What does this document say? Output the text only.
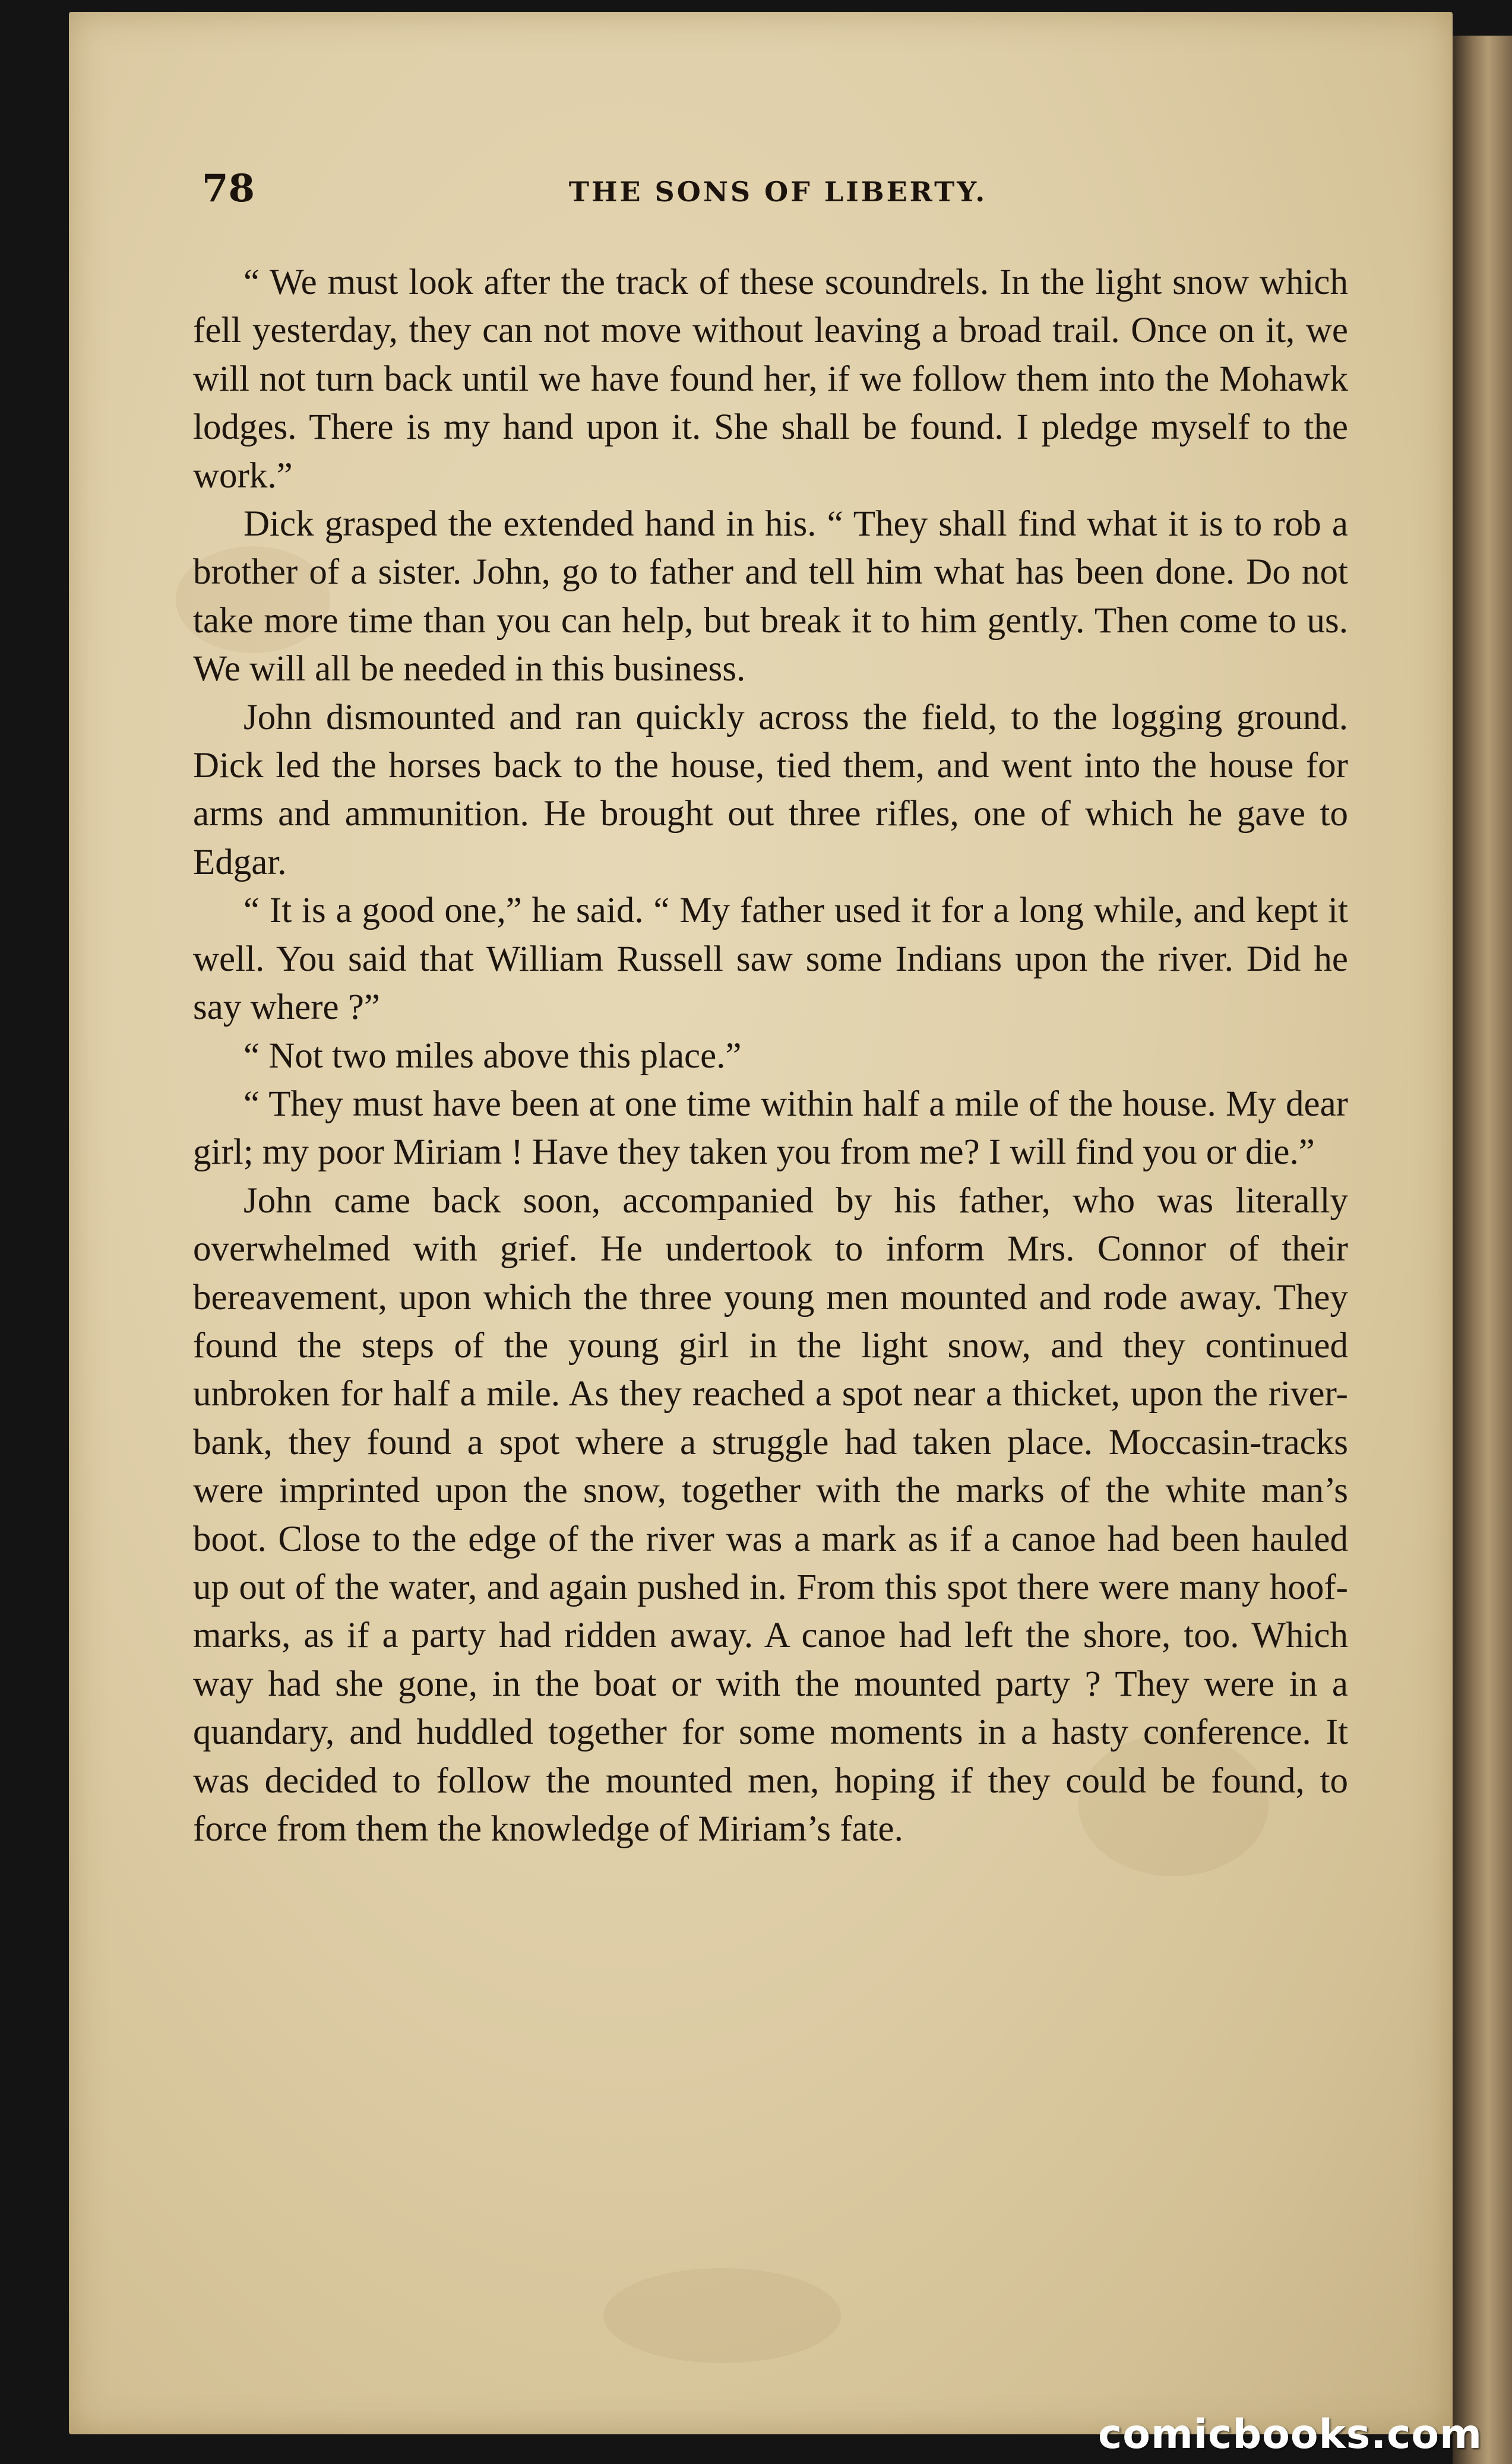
78	THE SONS OF LIBERTY.

“ We must look after the track of these scoundrels. In the light snow which fell yesterday, they can not move without leaving a broad trail. Once on it, we will not turn back until we have found her, if we follow them into the Mohawk lodges. There is my hand upon it. She shall be found. I pledge myself to the work.”

Dick grasped the extended hand in his. “ They shall find what it is to rob a brother of a sister. John, go to father and tell him what has been done. Do not take more time than you can help, but break it to him gently. Then come to us. We will all be needed in this business.

John dismounted and ran quickly across the field, to the logging ground. Dick led the horses back to the house, tied them, and went into the house for arms and ammunition. He brought out three rifles, one of which he gave to Edgar.

“ It is a good one,” he said. “ My father used it for a long while, and kept it well. You said that William Russell saw some Indians upon the river. Did he say where ?”

“ Not two miles above this place.”

“ They must have been at one time within half a mile of the house. My dear girl; my poor Miriam ! Have they taken you from me? I will find you or die.”

John came back soon, accompanied by his father, who was literally overwhelmed with grief. He undertook to inform Mrs. Connor of their bereavement, upon which the three young men mounted and rode away. They found the steps of the young girl in the light snow, and they continued unbroken for half a mile. As they reached a spot near a thicket, upon the river-bank, they found a spot where a struggle had taken place. Moccasin-tracks were imprinted upon the snow, together with the marks of the white man’s boot. Close to the edge of the river was a mark as if a canoe had been hauled up out of the water, and again pushed in. From this spot there were many hoof-marks, as if a party had ridden away. A canoe had left the shore, too. Which way had she gone, in the boat or with the mounted party ? They were in a quandary, and huddled together for some moments in a hasty conference. It was decided to follow the mounted men, hoping if they could be found, to force from them the knowledge of Miriam’s fate.

comicbooks.com
